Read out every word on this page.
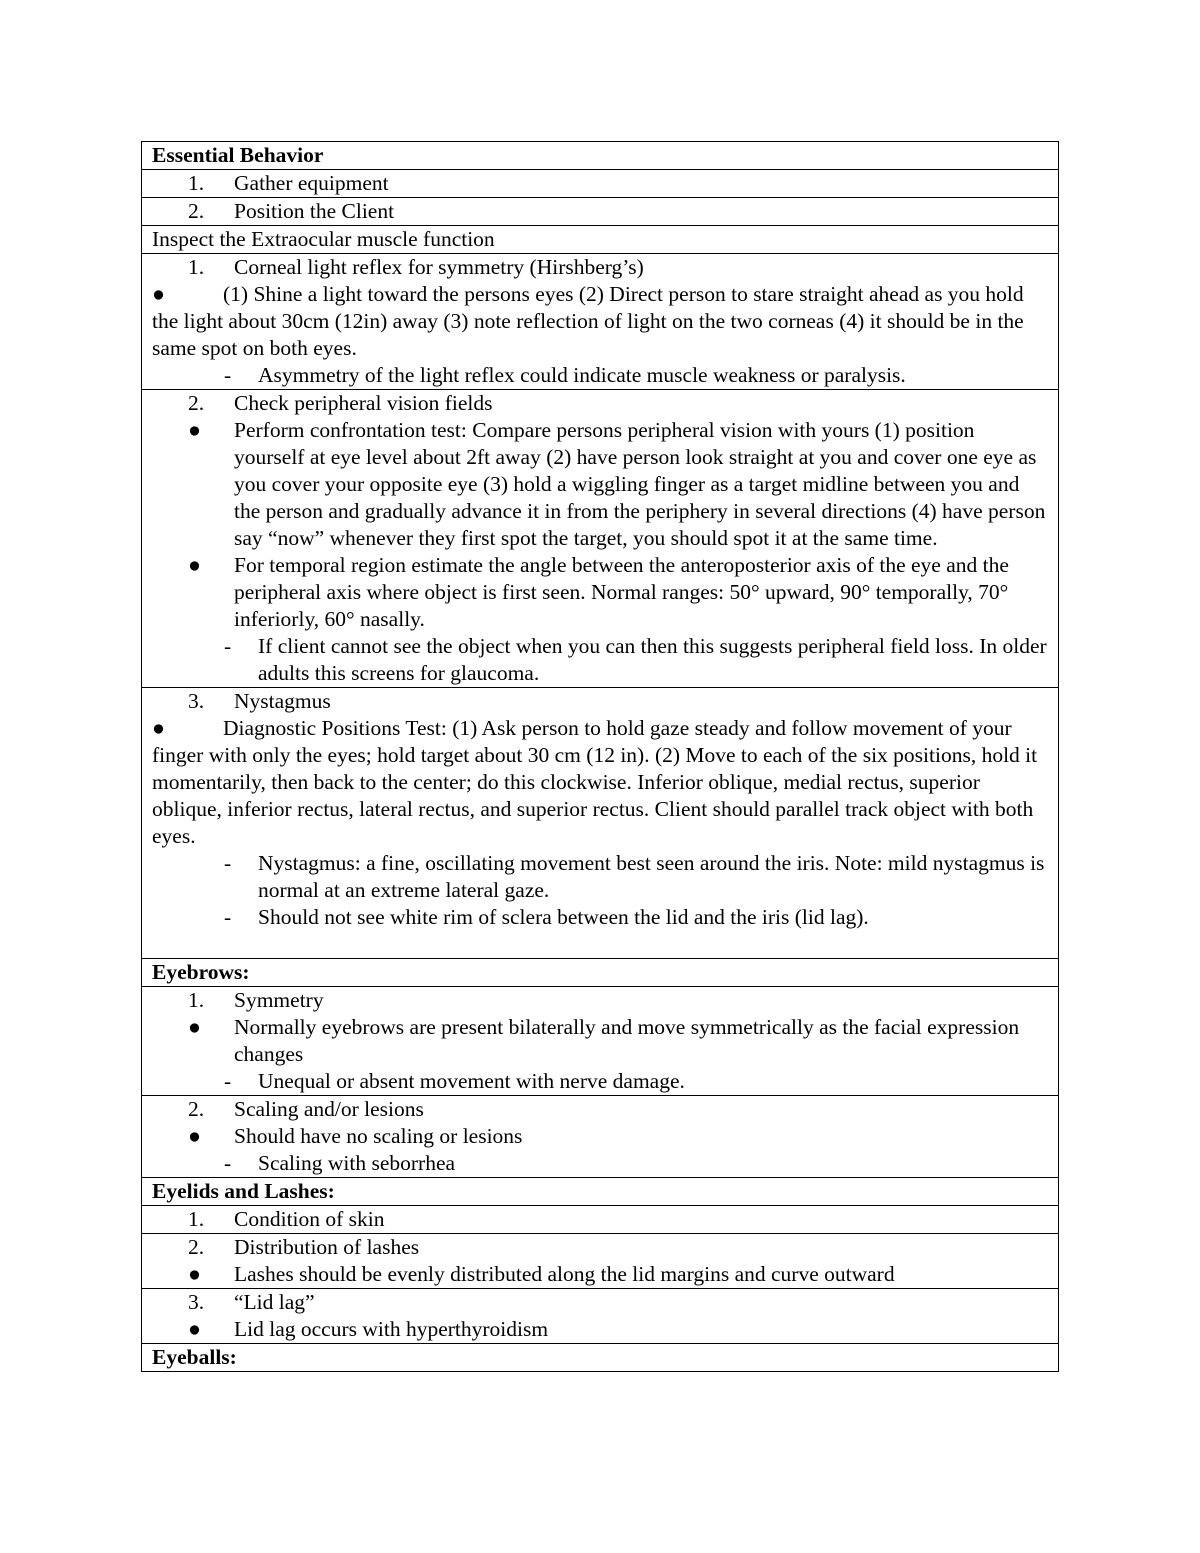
Essential Behavior

1.	Gather equipment

2.	Position the Client

Inspect the Extraocular muscle function

1.	Corneal light reflex for symmetry (Hirshberg’s)
●	(1) Shine a light toward the persons eyes (2) Direct person to stare straight ahead as you hold the light about 30cm (12in) away (3) note reflection of light on the two corneas (4) it should be in the same spot on both eyes.
-	Asymmetry of the light reflex could indicate muscle weakness or paralysis.

2.	Check peripheral vision fields
●	Perform confrontation test: Compare persons peripheral vision with yours (1) position yourself at eye level about 2ft away (2) have person look straight at you and cover one eye as you cover your opposite eye (3) hold a wiggling finger as a target midline between you and the person and gradually advance it in from the periphery in several directions (4) have person say “now” whenever they first spot the target, you should spot it at the same time.
●	For temporal region estimate the angle between the anteroposterior axis of the eye and the peripheral axis where object is first seen. Normal ranges: 50° upward, 90° temporally, 70° inferiorly, 60° nasally.
-	If client cannot see the object when you can then this suggests peripheral field loss. In older adults this screens for glaucoma.

3.	Nystagmus
●	Diagnostic Positions Test: (1) Ask person to hold gaze steady and follow movement of your finger with only the eyes; hold target about 30 cm (12 in). (2) Move to each of the six positions, hold it momentarily, then back to the center; do this clockwise. Inferior oblique, medial rectus, superior oblique, inferior rectus, lateral rectus, and superior rectus. Client should parallel track object with both eyes.
-	Nystagmus: a fine, oscillating movement best seen around the iris. Note: mild nystagmus is normal at an extreme lateral gaze.
-	Should not see white rim of sclera between the lid and the iris (lid lag).

Eyebrows:

1.	Symmetry
●	Normally eyebrows are present bilaterally and move symmetrically as the facial expression changes
-	Unequal or absent movement with nerve damage.

2.	Scaling and/or lesions
●	Should have no scaling or lesions
-	Scaling with seborrhea

Eyelids and Lashes:

1.	Condition of skin

2.	Distribution of lashes
●	Lashes should be evenly distributed along the lid margins and curve outward

3.	“Lid lag”
●	Lid lag occurs with hyperthyroidism

Eyeballs:
